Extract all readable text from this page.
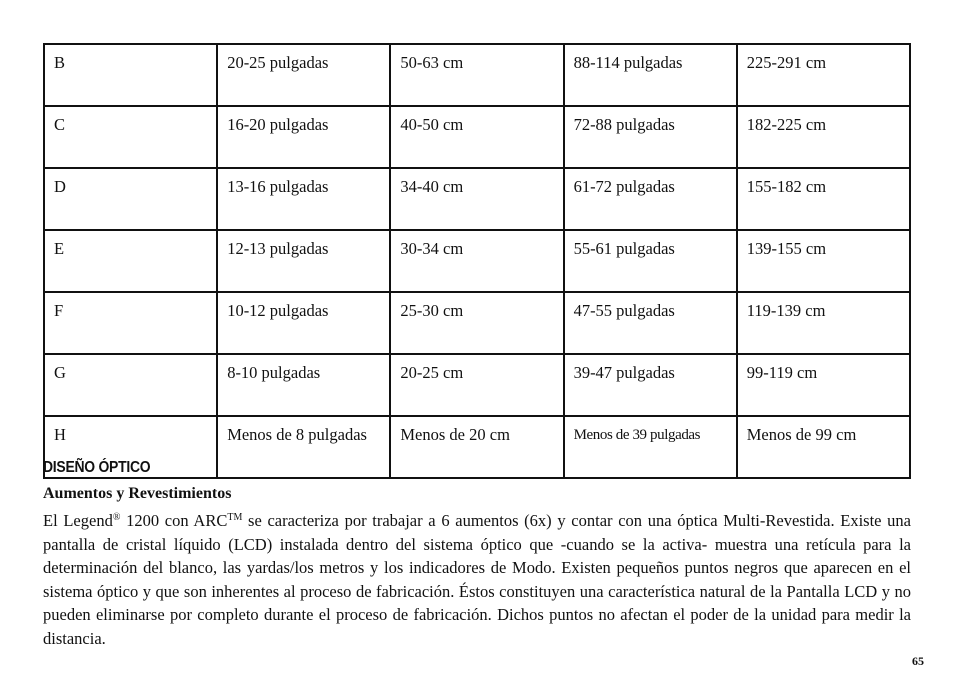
B	20-25 pulgadas	50-63 cm	88-114 pulgadas	225-291 cm
C	16-20 pulgadas	40-50 cm	72-88 pulgadas	182-225 cm
D	13-16 pulgadas	34-40 cm	61-72 pulgadas	155-182 cm
E	12-13 pulgadas	30-34 cm	55-61 pulgadas	139-155 cm
F	10-12 pulgadas	25-30 cm	47-55 pulgadas	119-139 cm
G	8-10 pulgadas	20-25 cm	39-47 pulgadas	99-119 cm
H	Menos de 8 pulgadas	Menos de 20 cm	Menos de 39 pulgadas	Menos de 99 cm
DISEÑO ÓPTICO
Aumentos y Revestimientos

El Legend® 1200 con ARC™ se caracteriza por trabajar a 6 aumentos (6x) y contar con una óptica Multi-Revestida. Existe una pantalla de cristal líquido (LCD) instalada dentro del sistema óptico que -cuando se la activa- muestra una retícula para la determinación del blanco, las yardas/los metros y los indicadores de Modo. Existen pequeños puntos negros que aparecen en el sistema óptico y que son inherentes al proceso de fabricación. Éstos constituyen una característica natural de la Pantalla LCD y no pueden eliminarse por completo durante el proceso de fabricación. Dichos puntos no afectan el poder de la unidad para medir la distancia.

65
